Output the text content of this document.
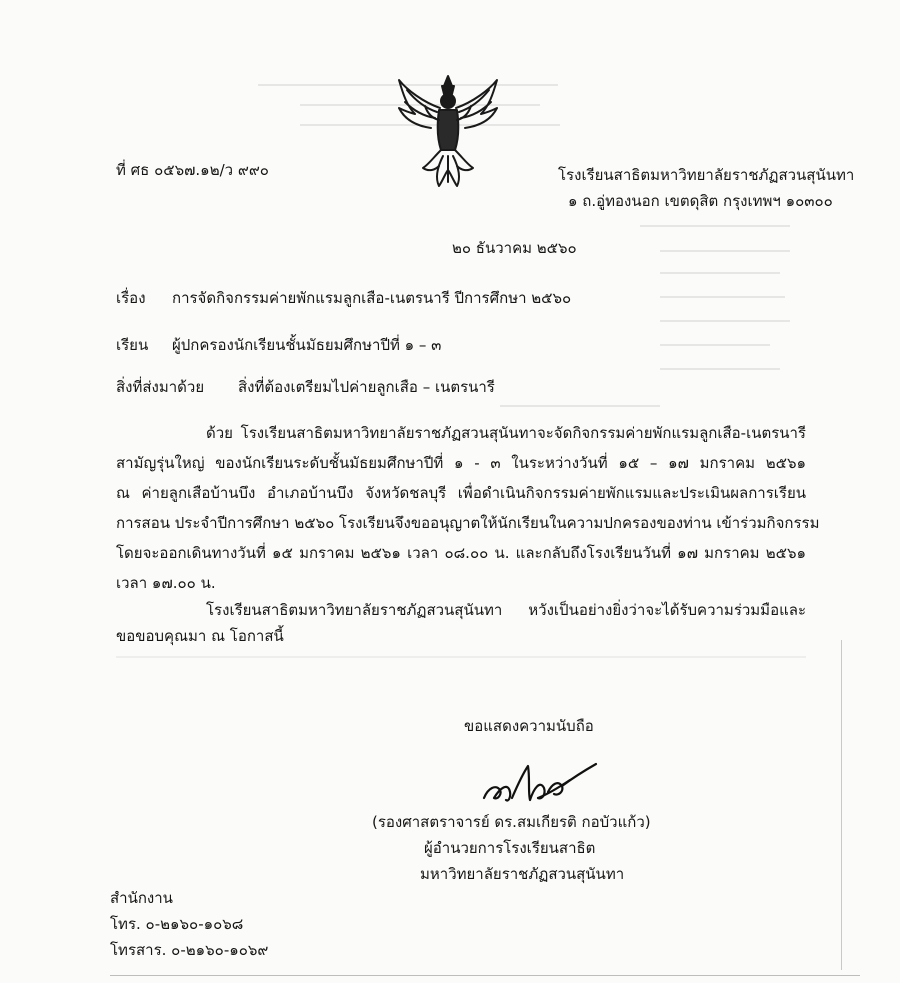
ที่ ศธ ๐๕๖๗.๑๒/ว ๙๙๐	โรงเรียนสาธิตมหาวิทยาลัยราชภัฏสวนสุนันทา
๑ ถ.อู่ทองนอก เขตดุสิต กรุงเทพฯ ๑๐๓๐๐
๒๐ ธันวาคม ๒๕๖๐
เรื่อง การจัดกิจกรรมค่ายพักแรมลูกเสือ-เนตรนารี ปีการศึกษา ๒๕๖๐
เรียน ผู้ปกครองนักเรียนชั้นมัธยมศึกษาปีที่ ๑ – ๓
สิ่งที่ส่งมาด้วย สิ่งที่ต้องเตรียมไปค่ายลูกเสือ – เนตรนารี
ด้วย โรงเรียนสาธิตมหาวิทยาลัยราชภัฏสวนสุนันทาจะจัดกิจกรรมค่ายพักแรมลูกเสือ-เนตรนารี
สามัญรุ่นใหญ่ ของนักเรียนระดับชั้นมัธยมศึกษาปีที่ ๑ - ๓ ในระหว่างวันที่ ๑๕ – ๑๗ มกราคม ๒๕๖๑
ณ ค่ายลูกเสือบ้านบึง อำเภอบ้านบึง จังหวัดชลบุรี เพื่อดำเนินกิจกรรมค่ายพักแรมและประเมินผลการเรียน
การสอน ประจำปีการศึกษา ๒๕๖๐ โรงเรียนจึงขออนุญาตให้นักเรียนในความปกครองของท่าน เข้าร่วมกิจกรรม
โดยจะออกเดินทางวันที่ ๑๕ มกราคม ๒๕๖๑ เวลา ๐๘.๐๐ น. และกลับถึงโรงเรียนวันที่ ๑๗ มกราคม ๒๕๖๑
เวลา ๑๗.๐๐ น.
โรงเรียนสาธิตมหาวิทยาลัยราชภัฏสวนสุนันทา หวังเป็นอย่างยิ่งว่าจะได้รับความร่วมมือและ
ขอขอบคุณมา ณ โอกาสนี้
ขอแสดงความนับถือ
(รองศาสตราจารย์ ดร.สมเกียรติ กอบัวแก้ว)
ผู้อำนวยการโรงเรียนสาธิต
มหาวิทยาลัยราชภัฏสวนสุนันทา
สำนักงาน
โทร. ๐-๒๑๖๐-๑๐๖๘
โทรสาร. ๐-๒๑๖๐-๑๐๖๙
